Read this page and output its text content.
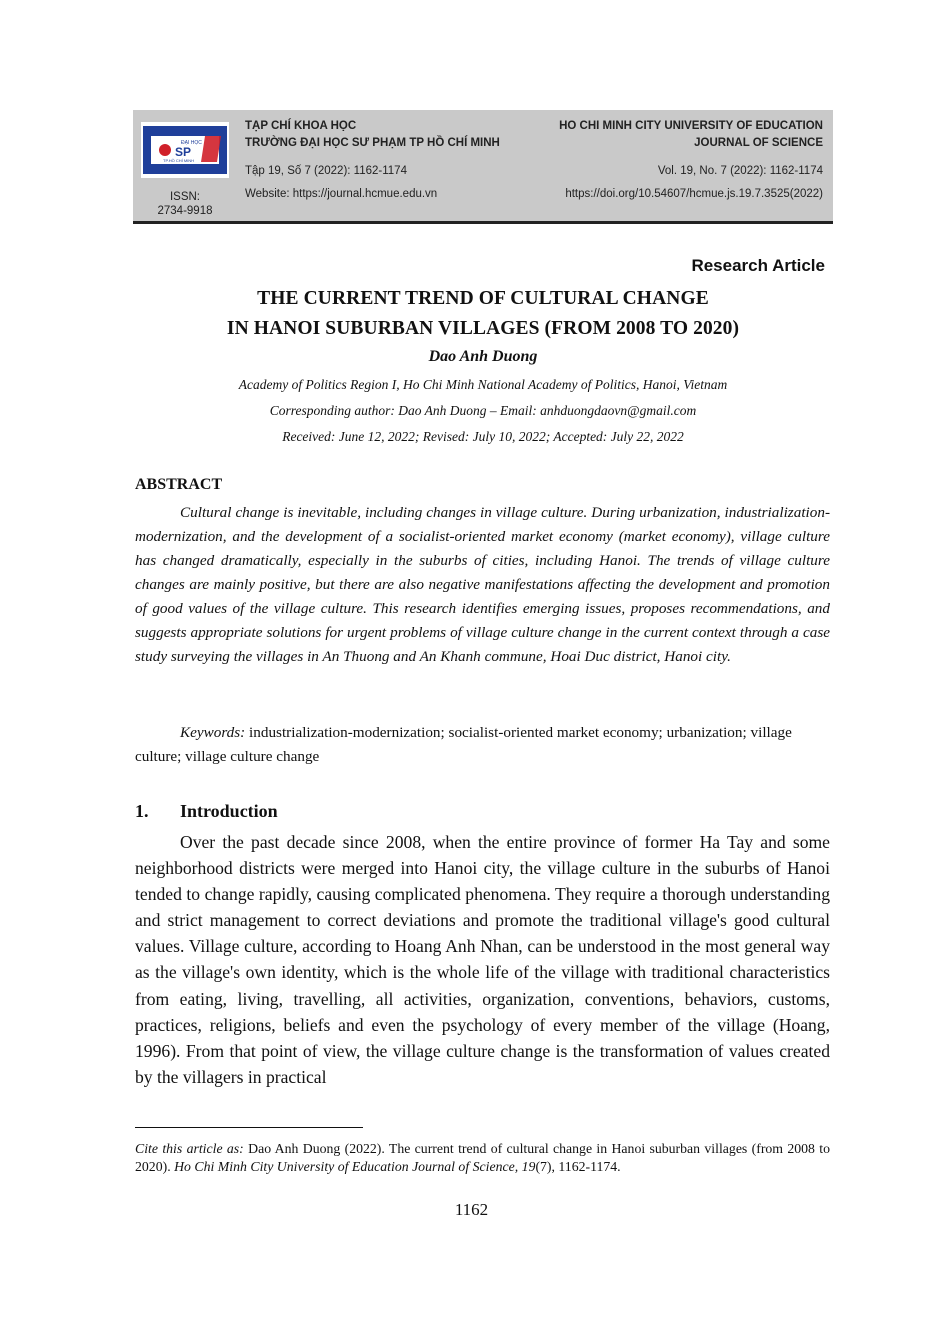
ĐẠI HỌC
SP
TP.HỒ CHÍ MINH
ISSN:
2734-9918
TẠP CHÍ KHOA HỌC
TRƯỜNG ĐẠI HỌC SƯ PHẠM TP HỒ CHÍ MINH
Tập 19, Số 7 (2022): 1162-1174
Website: https://journal.hcmue.edu.vn
HO CHI MINH CITY UNIVERSITY OF EDUCATION
JOURNAL OF SCIENCE
Vol. 19, No. 7 (2022): 1162-1174
https://doi.org/10.54607/hcmue.js.19.7.3525(2022)
Research Article
THE CURRENT TREND OF CULTURAL CHANGE
IN HANOI SUBURBAN VILLAGES (FROM 2008 TO 2020)
Dao Anh Duong
Academy of Politics Region I, Ho Chi Minh National Academy of Politics, Hanoi, Vietnam
Corresponding author: Dao Anh Duong – Email: anhduongdaovn@gmail.com
Received: June 12, 2022; Revised: July 10, 2022; Accepted: July 22, 2022
ABSTRACT

Cultural change is inevitable, including changes in village culture. During urbanization, industrialization-modernization, and the development of a socialist-oriented market economy (market economy), village culture has changed dramatically, especially in the suburbs of cities, including Hanoi. The trends of village culture changes are mainly positive, but there are also negative manifestations affecting the development and promotion of good values of the village culture. This research identifies emerging issues, proposes recommendations, and suggests appropriate solutions for urgent problems of village culture change in the current context through a case study surveying the villages in An Thuong and An Khanh commune, Hoai Duc district, Hanoi city.

Keywords: industrialization-modernization; socialist-oriented market economy; urbanization; village culture; village culture change

1. Introduction

Over the past decade since 2008, when the entire province of former Ha Tay and some neighborhood districts were merged into Hanoi city, the village culture in the suburbs of Hanoi tended to change rapidly, causing complicated phenomena. They require a thorough understanding and strict management to correct deviations and promote the traditional village's good cultural values. Village culture, according to Hoang Anh Nhan, can be understood in the most general way as the village's own identity, which is the whole life of the village with traditional characteristics from eating, living, travelling, all activities, organization, conventions, behaviors, customs, practices, religions, beliefs and even the psychology of every member of the village (Hoang, 1996). From that point of view, the village culture change is the transformation of values created by the villagers in practical

Cite this article as: Dao Anh Duong (2022). The current trend of cultural change in Hanoi suburban villages (from 2008 to 2020). Ho Chi Minh City University of Education Journal of Science, 19(7), 1162-1174.

1162
